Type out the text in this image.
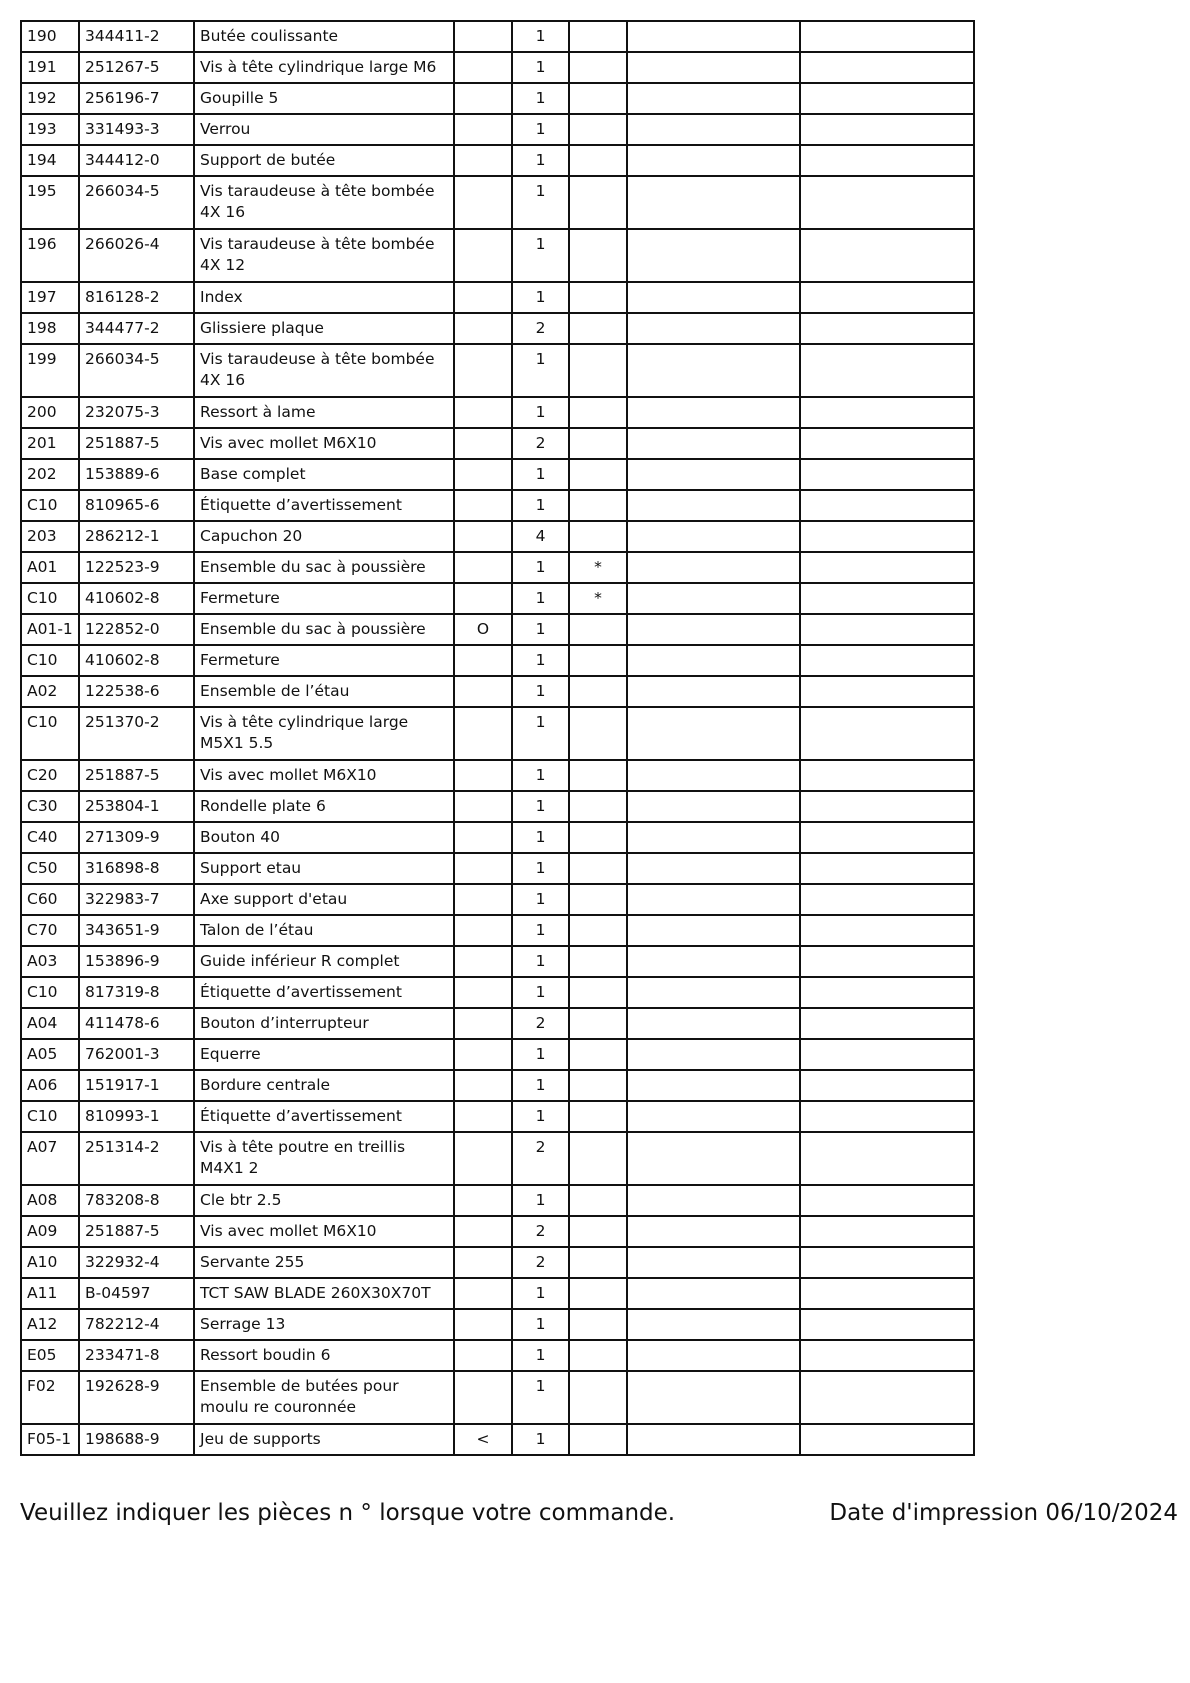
190	344411-2	Butée coulissante		1			
191	251267-5	Vis à tête cylindrique large M6		1			
192	256196-7	Goupille 5		1			
193	331493-3	Verrou		1			
194	344412-0	Support de butée		1			
195	266034-5	Vis taraudeuse à tête bombée 4X 16		1			
196	266026-4	Vis taraudeuse à tête bombée 4X 12		1			
197	816128-2	Index		1			
198	344477-2	Glissiere plaque		2			
199	266034-5	Vis taraudeuse à tête bombée 4X 16		1			
200	232075-3	Ressort à lame		1			
201	251887-5	Vis avec mollet M6X10		2			
202	153889-6	Base complet		1			
C10	810965-6	Étiquette d’avertissement		1			
203	286212-1	Capuchon 20		4			
A01	122523-9	Ensemble du sac à poussière		1	*		
C10	410602-8	Fermeture		1	*		
A01-1	122852-0	Ensemble du sac à poussière	O	1			
C10	410602-8	Fermeture		1			
A02	122538-6	Ensemble de l’étau		1			
C10	251370-2	Vis à tête cylindrique large M5X1 5.5		1			
C20	251887-5	Vis avec mollet M6X10		1			
C30	253804-1	Rondelle plate 6		1			
C40	271309-9	Bouton 40		1			
C50	316898-8	Support etau		1			
C60	322983-7	Axe support d'etau		1			
C70	343651-9	Talon de l’étau		1			
A03	153896-9	Guide inférieur R complet		1			
C10	817319-8	Étiquette d’avertissement		1			
A04	411478-6	Bouton d’interrupteur		2			
A05	762001-3	Equerre		1			
A06	151917-1	Bordure centrale		1			
C10	810993-1	Étiquette d’avertissement		1			
A07	251314-2	Vis à tête poutre en treillis M4X1 2		2			
A08	783208-8	Cle btr 2.5		1			
A09	251887-5	Vis avec mollet M6X10		2			
A10	322932-4	Servante 255		2			
A11	B-04597	TCT SAW BLADE 260X30X70T		1			
A12	782212-4	Serrage 13		1			
E05	233471-8	Ressort boudin 6		1			
F02	192628-9	Ensemble de butées pour moulu re couronnée		1			
F05-1	198688-9	Jeu de supports	<	1			
Veuillez indiquer les pièces n ° lorsque votre commande.	Date d'impression 06/10/2024
